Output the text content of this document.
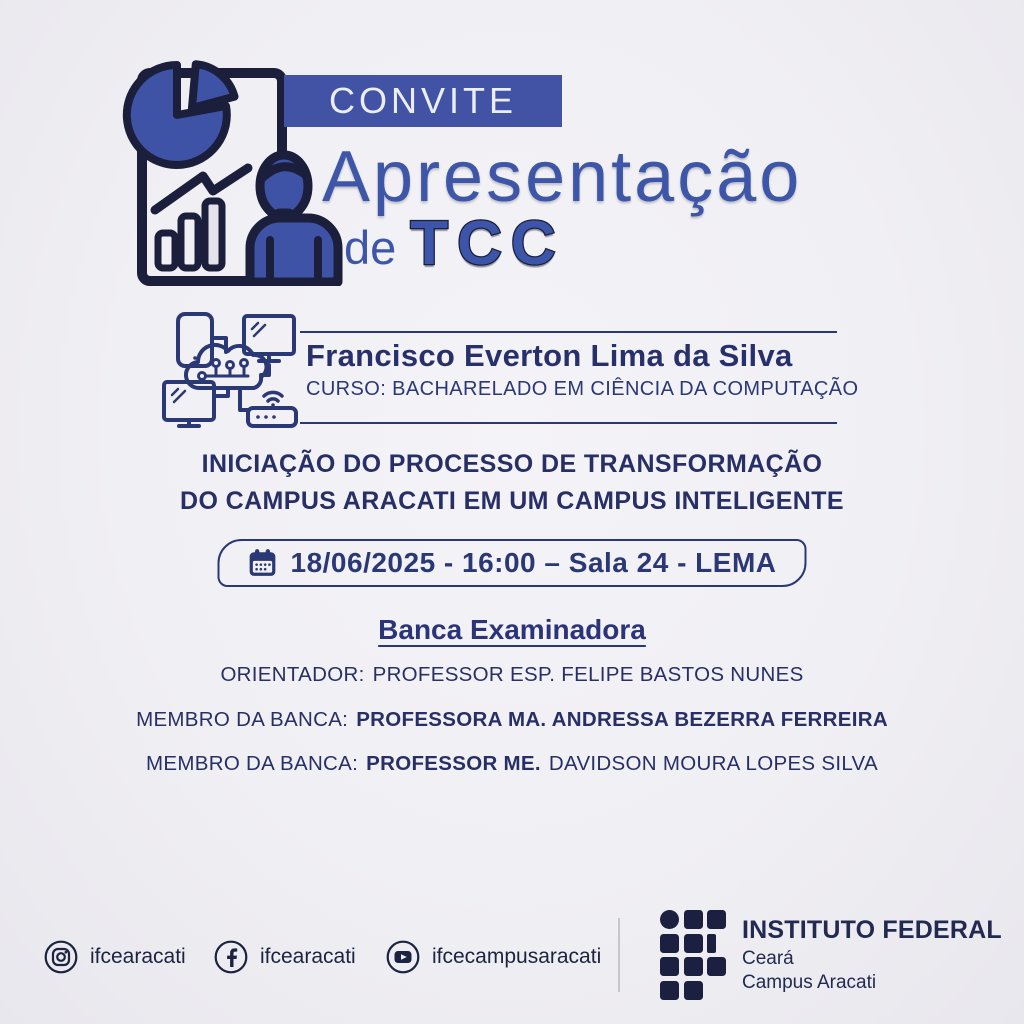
CONVITE
Apresentação
de TCC
Francisco Everton Lima da Silva
CURSO: BACHARELADO EM CIÊNCIA DA COMPUTAÇÃO
INICIAÇÃO DO PROCESSO DE TRANSFORMAÇÃO
DO CAMPUS ARACATI EM UM CAMPUS INTELIGENTE
18/06/2025 - 16:00 – Sala 24 - LEMA
Banca Examinadora
ORIENTADOR: PROFESSOR ESP. FELIPE BASTOS NUNES
MEMBRO DA BANCA: PROFESSORA MA. ANDRESSA BEZERRA FERREIRA
MEMBRO DA BANCA: PROFESSOR ME. DAVIDSON MOURA LOPES SILVA
ifcearacati	ifcearacati	ifcecampusaracati
INSTITUTO FEDERAL
Ceará
Campus Aracati
